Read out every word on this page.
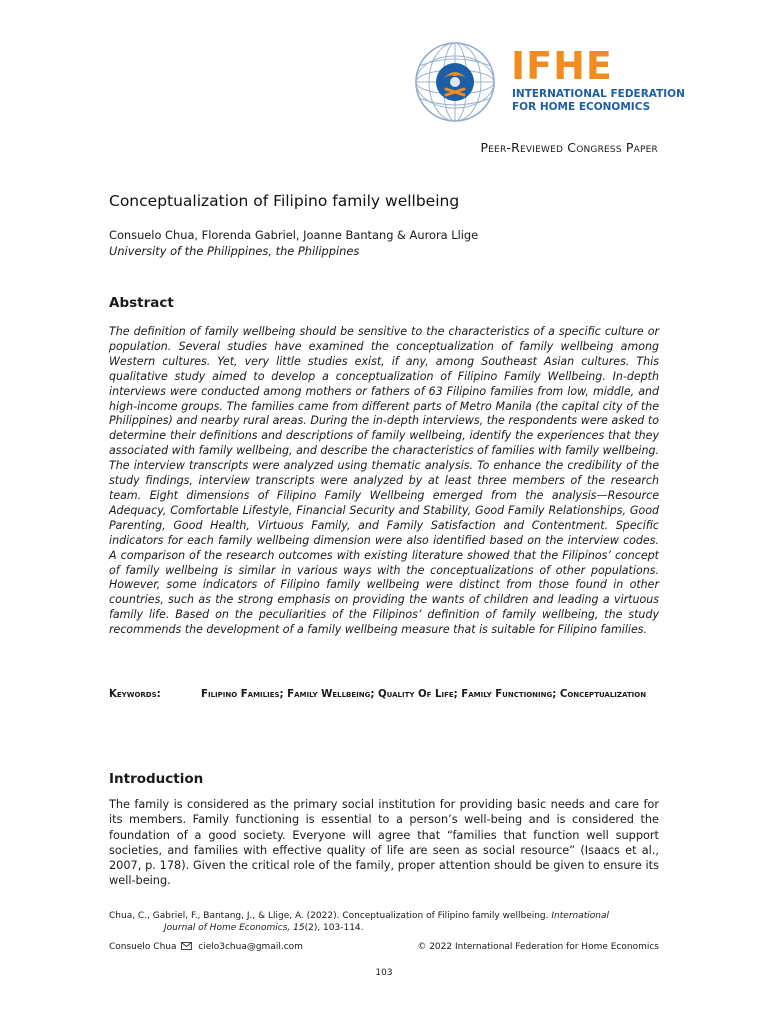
IFHE
INTERNATIONAL FEDERATION
FOR HOME ECONOMICS
Peer-Reviewed Congress Paper
Conceptualization of Filipino family wellbeing
Consuelo Chua, Florenda Gabriel, Joanne Bantang & Aurora Llige
University of the Philippines, the Philippines
Abstract

The definition of family wellbeing should be sensitive to the characteristics of a specific culture or population. Several studies have examined the conceptualization of family wellbeing among Western cultures. Yet, very little studies exist, if any, among Southeast Asian cultures. This qualitative study aimed to develop a conceptualization of Filipino Family Wellbeing. In-depth interviews were conducted among mothers or fathers of 63 Filipino families from low, middle, and high-income groups. The families came from different parts of Metro Manila (the capital city of the Philippines) and nearby rural areas. During the in-depth interviews, the respondents were asked to determine their definitions and descriptions of family wellbeing, identify the experiences that they associated with family wellbeing, and describe the characteristics of families with family wellbeing. The interview transcripts were analyzed using thematic analysis. To enhance the credibility of the study findings, interview transcripts were analyzed by at least three members of the research team. Eight dimensions of Filipino Family Wellbeing emerged from the analysis—Resource Adequacy, Comfortable Lifestyle, Financial Security and Stability, Good Family Relationships, Good Parenting, Good Health, Virtuous Family, and Family Satisfaction and Contentment. Specific indicators for each family wellbeing dimension were also identified based on the interview codes. A comparison of the research outcomes with existing literature showed that the Filipinos’ concept of family wellbeing is similar in various ways with the conceptualizations of other populations. However, some indicators of Filipino family wellbeing were distinct from those found in other countries, such as the strong emphasis on providing the wants of children and leading a virtuous family life. Based on the peculiarities of the Filipinos’ definition of family wellbeing, the study recommends the development of a family wellbeing measure that is suitable for Filipino families.

Keywords:	Filipino Families; Family Wellbeing; Quality Of Life; Family Functioning; Conceptualization
Introduction

The family is considered as the primary social institution for providing basic needs and care for its members. Family functioning is essential to a person’s well-being and is considered the foundation of a good society. Everyone will agree that “families that function well support societies, and families with effective quality of life are seen as social resource” (Isaacs et al., 2007, p. 178). Given the critical role of the family, proper attention should be given to ensure its well-being.

Chua, C., Gabriel, F., Bantang, J., & Llige, A. (2022). Conceptualization of Filipino family wellbeing. International
Journal of Home Economics, 15(2), 103-114.
Consuelo Chua cielo3chua@gmail.com	© 2022 International Federation for Home Economics
103
